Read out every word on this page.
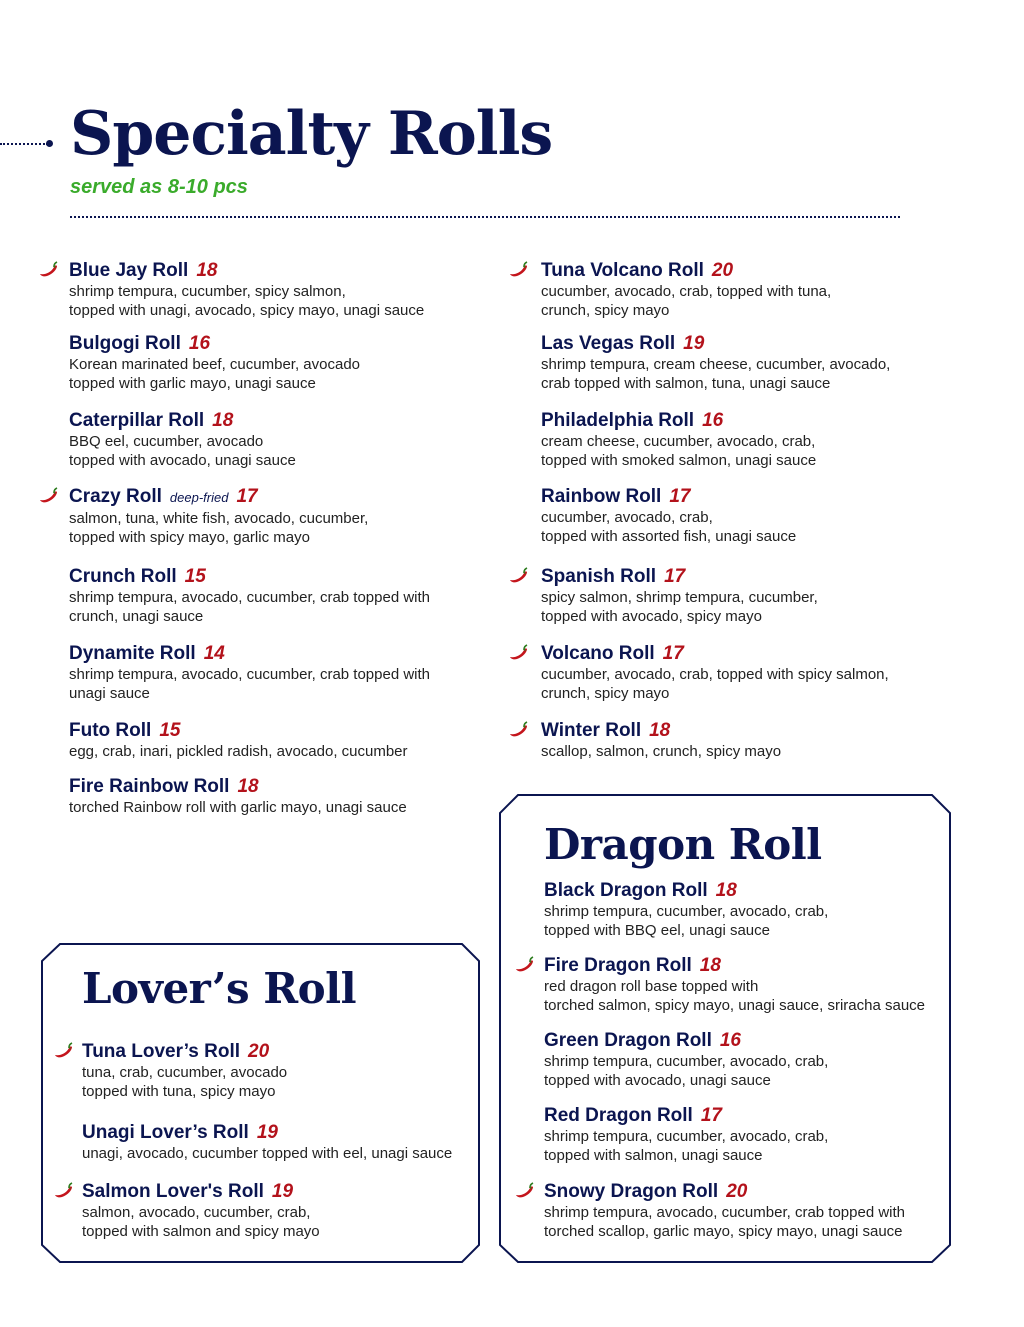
Specialty Rolls
served as 8-10 pcs
Blue Jay Roll 18
shrimp tempura, cucumber, spicy salmon,
topped with unagi, avocado, spicy mayo, unagi sauce
Bulgogi Roll 16
Korean marinated beef, cucumber, avocado
topped with garlic mayo, unagi sauce
Caterpillar Roll 18
BBQ eel, cucumber, avocado
topped with avocado, unagi sauce
Crazy Roll deep-fried 17
salmon, tuna, white fish, avocado, cucumber,
topped with spicy mayo, garlic mayo
Crunch Roll 15
shrimp tempura, avocado, cucumber, crab topped with
crunch, unagi sauce
Dynamite Roll 14
shrimp tempura, avocado, cucumber, crab topped with
unagi sauce
Futo Roll 15
egg, crab, inari, pickled radish, avocado, cucumber
Fire Rainbow Roll 18
torched Rainbow roll with garlic mayo, unagi sauce
Tuna Volcano Roll 20
cucumber, avocado, crab, topped with tuna,
crunch, spicy mayo
Las Vegas Roll 19
shrimp tempura, cream cheese, cucumber, avocado,
crab topped with salmon, tuna, unagi sauce
Philadelphia Roll 16
cream cheese, cucumber, avocado, crab,
topped with smoked salmon, unagi sauce
Rainbow Roll 17
cucumber, avocado, crab,
topped with assorted fish, unagi sauce
Spanish Roll 17
spicy salmon, shrimp tempura, cucumber,
topped with avocado, spicy mayo
Volcano Roll 17
cucumber, avocado, crab, topped with spicy salmon,
crunch, spicy mayo
Winter Roll 18
scallop, salmon, crunch, spicy mayo
Dragon Roll
Black Dragon Roll 18
shrimp tempura, cucumber, avocado, crab,
topped with BBQ eel, unagi sauce
Fire Dragon Roll 18
red dragon roll base topped with
torched salmon, spicy mayo, unagi sauce, sriracha sauce
Green Dragon Roll 16
shrimp tempura, cucumber, avocado, crab,
topped with avocado, unagi sauce
Red Dragon Roll 17
shrimp tempura, cucumber, avocado, crab,
topped with salmon, unagi sauce
Snowy Dragon Roll 20
shrimp tempura, avocado, cucumber, crab topped with
torched scallop, garlic mayo, spicy mayo, unagi sauce
Lover’s Roll
Tuna Lover’s Roll 20
tuna, crab, cucumber, avocado
topped with tuna, spicy mayo
Unagi Lover’s Roll 19
unagi, avocado, cucumber topped with eel, unagi sauce
Salmon Lover's Roll 19
salmon, avocado, cucumber, crab,
topped with salmon and spicy mayo
